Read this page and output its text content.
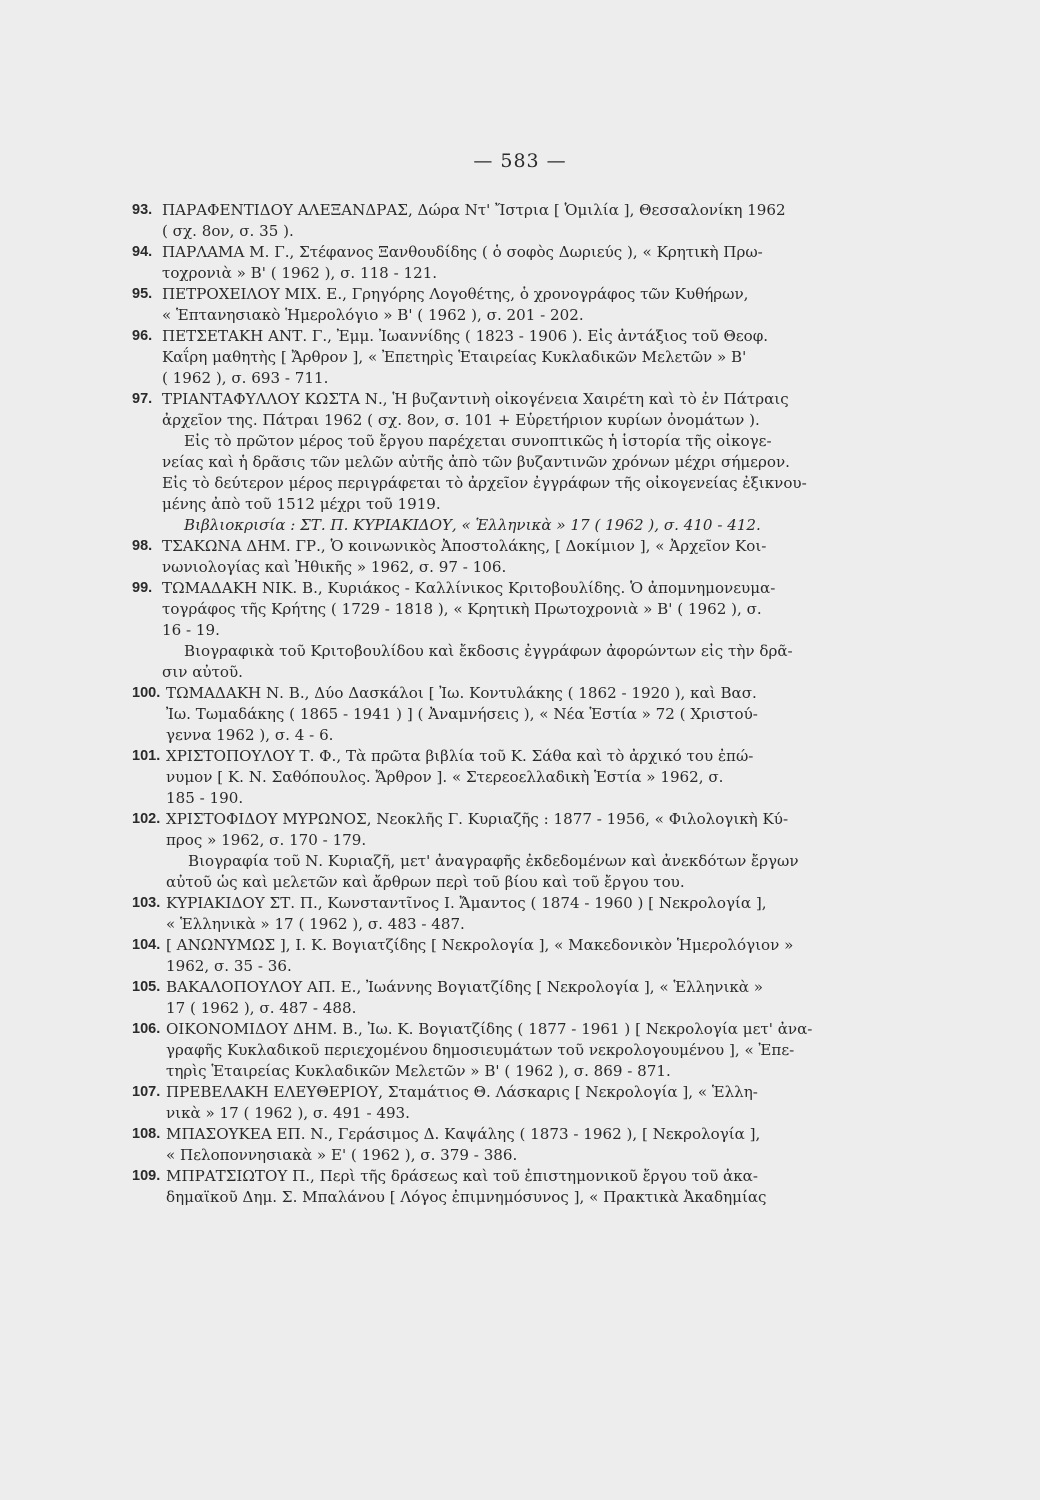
— 583 —
93. ΠΑΡΑΦΕΝΤΙΔΟΥ ΑΛΕΞΑΝΔΡΑΣ, Δώρα Ντ' Ἴστρια [ Ὁμιλία ], Θεσσαλονίκη 1962
( σχ. 8ον, σ. 35 ).
94. ΠΑΡΛΑΜΑ Μ. Γ., Στέφανος Ξανθουδίδης ( ὁ σοφὸς Δωριεύς ), « Κρητικὴ Πρω-
τοχρονιὰ » Β' ( 1962 ), σ. 118 - 121.
95. ΠΕΤΡΟΧΕΙΛΟΥ ΜΙΧ. Ε., Γρηγόρης Λογοθέτης, ὁ χρονογράφος τῶν Κυθήρων,
« Ἑπτανησιακὸ Ἡμερολόγιο » Β' ( 1962 ), σ. 201 - 202.
96. ΠΕΤΣΕΤΑΚΗ ΑΝΤ. Γ., Ἐμμ. Ἰωαννίδης ( 1823 - 1906 ). Εἰς ἀντάξιος τοῦ Θεοφ.
Καΐρη μαθητὴς [ Ἄρθρον ], « Ἐπετηρὶς Ἑταιρείας Κυκλαδικῶν Μελετῶν » Β'
( 1962 ), σ. 693 - 711.
97. ΤΡΙΑΝΤΑΦΥΛΛΟΥ ΚΩΣΤΑ Ν., Ἡ βυζαντινὴ οἰκογένεια Χαιρέτη καὶ τὸ ἐν Πάτραις
ἀρχεῖον της. Πάτραι 1962 ( σχ. 8ον, σ. 101 + Εὑρετήριον κυρίων ὀνομάτων ).
Εἰς τὸ πρῶτον μέρος τοῦ ἔργου παρέχεται συνοπτικῶς ἡ ἱστορία τῆς οἰκογε-
νείας καὶ ἡ δρᾶσις τῶν μελῶν αὐτῆς ἀπὸ τῶν βυζαντινῶν χρόνων μέχρι σήμερον.
Εἰς τὸ δεύτερον μέρος περιγράφεται τὸ ἀρχεῖον ἐγγράφων τῆς οἰκογενείας ἐξικνου-
μένης ἀπὸ τοῦ 1512 μέχρι τοῦ 1919.
Βιβλιοκρισία : ΣΤ. Π. ΚΥΡΙΑΚΙΔΟΥ, « Ἑλληνικὰ » 17 ( 1962 ), σ. 410 - 412.
98. ΤΣΑΚΩΝΑ ΔΗΜ. ΓΡ., Ὁ κοινωνικὸς Ἀποστολάκης, [ Δοκίμιον ], « Ἀρχεῖον Κοι-
νωνιολογίας καὶ Ἠθικῆς » 1962, σ. 97 - 106.
99. ΤΩΜΑΔΑΚΗ ΝΙΚ. Β., Κυριάκος - Καλλίνικος Κριτοβουλίδης. Ὁ ἀπομνημονευμα-
τογράφος τῆς Κρήτης ( 1729 - 1818 ), « Κρητικὴ Πρωτοχρονιὰ » Β' ( 1962 ), σ.
16 - 19.
Βιογραφικὰ τοῦ Κριτοβουλίδου καὶ ἔκδοσις ἐγγράφων ἀφορώντων εἰς τὴν δρᾶ-
σιν αὐτοῦ.
100. ΤΩΜΑΔΑΚΗ Ν. Β., Δύο Δασκάλοι [ Ἰω. Κοντυλάκης ( 1862 - 1920 ), καὶ Βασ.
Ἰω. Τωμαδάκης ( 1865 - 1941 ) ] ( Ἀναμνήσεις ), « Νέα Ἑστία » 72 ( Χριστού-
γεννα 1962 ), σ. 4 - 6.
101. ΧΡΙΣΤΟΠΟΥΛΟΥ Τ. Φ., Τὰ πρῶτα βιβλία τοῦ Κ. Σάθα καὶ τὸ ἀρχικό του ἐπώ-
νυμον [ Κ. Ν. Σαθόπουλος. Ἄρθρον ]. « Στερεοελλαδικὴ Ἑστία » 1962, σ.
185 - 190.
102. ΧΡΙΣΤΟΦΙΔΟΥ ΜΥΡΩΝΟΣ, Νεοκλῆς Γ. Κυριαζῆς : 1877 - 1956, « Φιλολογικὴ Κύ-
προς » 1962, σ. 170 - 179.
Βιογραφία τοῦ Ν. Κυριαζῆ, μετ' ἀναγραφῆς ἐκδεδομένων καὶ ἀνεκδότων ἔργων
αὐτοῦ ὡς καὶ μελετῶν καὶ ἄρθρων περὶ τοῦ βίου καὶ τοῦ ἔργου του.
103. ΚΥΡΙΑΚΙΔΟΥ ΣΤ. Π., Κωνσταντῖνος Ι. Ἄμαντος ( 1874 - 1960 ) [ Νεκρολογία ],
« Ἑλληνικὰ » 17 ( 1962 ), σ. 483 - 487.
104. [ ΑΝΩΝΥΜΩΣ ], Ι. Κ. Βογιατζίδης [ Νεκρολογία ], « Μακεδονικὸν Ἡμερολόγιον »
1962, σ. 35 - 36.
105. ΒΑΚΑΛΟΠΟΥΛΟΥ ΑΠ. Ε., Ἰωάννης Βογιατζίδης [ Νεκρολογία ], « Ἑλληνικὰ »
17 ( 1962 ), σ. 487 - 488.
106. ΟΙΚΟΝΟΜΙΔΟΥ ΔΗΜ. Β., Ἰω. Κ. Βογιατζίδης ( 1877 - 1961 ) [ Νεκρολογία μετ' ἀνα-
γραφῆς Κυκλαδικοῦ περιεχομένου δημοσιευμάτων τοῦ νεκρολογουμένου ], « Ἐπε-
τηρὶς Ἑταιρείας Κυκλαδικῶν Μελετῶν » Β' ( 1962 ), σ. 869 - 871.
107. ΠΡΕΒΕΛΑΚΗ ΕΛΕΥΘΕΡΙΟΥ, Σταμάτιος Θ. Λάσκαρις [ Νεκρολογία ], « Ἑλλη-
νικὰ » 17 ( 1962 ), σ. 491 - 493.
108. ΜΠΑΣΟΥΚΕΑ ΕΠ. Ν., Γεράσιμος Δ. Καψάλης ( 1873 - 1962 ), [ Νεκρολογία ],
« Πελοποννησιακὰ » Ε' ( 1962 ), σ. 379 - 386.
109. ΜΠΡΑΤΣΙΩΤΟΥ Π., Περὶ τῆς δράσεως καὶ τοῦ ἐπιστημονικοῦ ἔργου τοῦ ἀκα-
δημαϊκοῦ Δημ. Σ. Μπαλάνου [ Λόγος ἐπιμνημόσυνος ], « Πρακτικὰ Ἀκαδημίας
